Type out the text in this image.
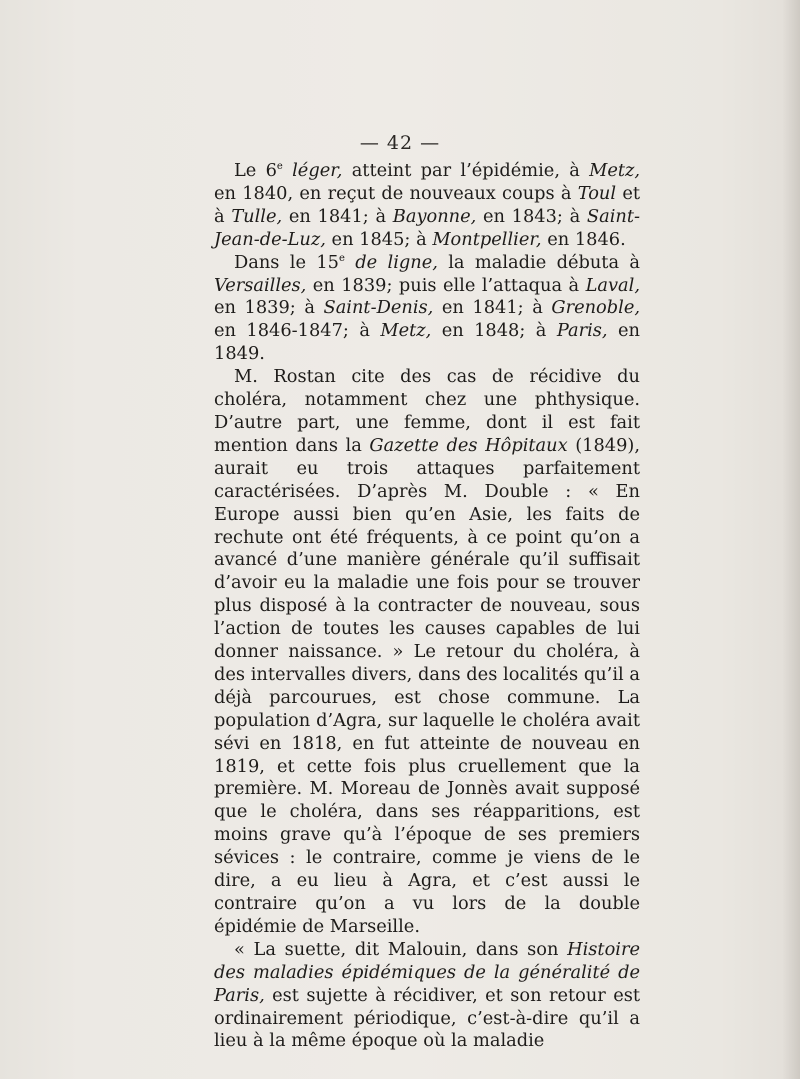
— 42 —

Le 6e léger, atteint par l’épidémie, à Metz, en 1840, en reçut de nouveaux coups à Toul et à Tulle, en 1841; à Bayonne, en 1843; à Saint-Jean-de-Luz, en 1845; à Montpellier, en 1846.

Dans le 15e de ligne, la maladie débuta à Versailles, en 1839; puis elle l’attaqua à Laval, en 1839; à Saint-Denis, en 1841; à Grenoble, en 1846-1847; à Metz, en 1848; à Paris, en 1849.

M. Rostan cite des cas de récidive du choléra, notamment chez une phthysique. D’autre part, une femme, dont il est fait mention dans la Gazette des Hôpitaux (1849), aurait eu trois attaques parfaitement caractérisées. D’après M. Double : « En Europe aussi bien qu’en Asie, les faits de rechute ont été fréquents, à ce point qu’on a avancé d’une manière générale qu’il suffisait d’avoir eu la maladie une fois pour se trouver plus disposé à la contracter de nouveau, sous l’action de toutes les causes capables de lui donner naissance. » Le retour du choléra, à des intervalles divers, dans des localités qu’il a déjà parcourues, est chose commune. La population d’Agra, sur laquelle le choléra avait sévi en 1818, en fut atteinte de nouveau en 1819, et cette fois plus cruellement que la première. M. Moreau de Jonnès avait supposé que le choléra, dans ses réapparitions, est moins grave qu’à l’époque de ses premiers sévices : le contraire, comme je viens de le dire, a eu lieu à Agra, et c’est aussi le contraire qu’on a vu lors de la double épidémie de Marseille.

« La suette, dit Malouin, dans son Histoire des maladies épidémiques de la généralité de Paris, est sujette à récidiver, et son retour est ordinairement périodique, c’est-à-dire qu’il a lieu à la même époque où la maladie
